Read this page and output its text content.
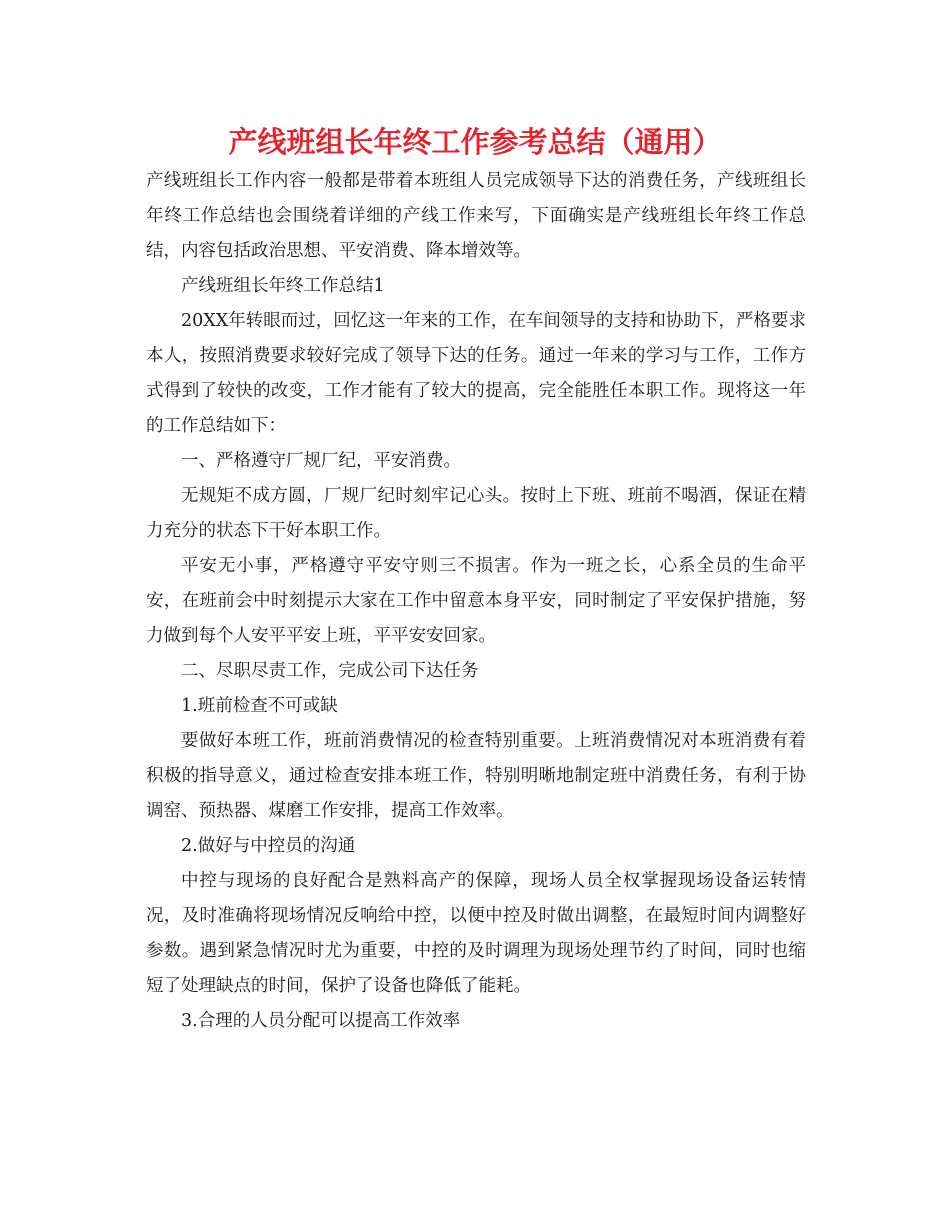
产线班组长年终工作参考总结（通用）

产线班组长工作内容一般都是带着本班组人员完成领导下达的消费任务，产线班组长年终工作总结也会围绕着详细的产线工作来写，下面确实是产线班组长年终工作总结，内容包括政治思想、平安消费、降本增效等。

产线班组长年终工作总结1

20XX年转眼而过，回忆这一年来的工作，在车间领导的支持和协助下，严格要求本人，按照消费要求较好完成了领导下达的任务。通过一年来的学习与工作，工作方式得到了较快的改变，工作才能有了较大的提高，完全能胜任本职工作。现将这一年的工作总结如下：

一、严格遵守厂规厂纪，平安消费。

无规矩不成方圆，厂规厂纪时刻牢记心头。按时上下班、班前不喝酒，保证在精力充分的状态下干好本职工作。

平安无小事，严格遵守平安守则三不损害。作为一班之长，心系全员的生命平安，在班前会中时刻提示大家在工作中留意本身平安，同时制定了平安保护措施，努力做到每个人安平平安上班，平平安安回家。

二、尽职尽责工作，完成公司下达任务

1.班前检查不可或缺

要做好本班工作，班前消费情况的检查特别重要。上班消费情况对本班消费有着积极的指导意义，通过检查安排本班工作，特别明晰地制定班中消费任务，有利于协调窑、预热器、煤磨工作安排，提高工作效率。

2.做好与中控员的沟通

中控与现场的良好配合是熟料高产的保障，现场人员全权掌握现场设备运转情况，及时准确将现场情况反响给中控，以便中控及时做出调整，在最短时间内调整好参数。遇到紧急情况时尤为重要，中控的及时调理为现场处理节约了时间，同时也缩短了处理缺点的时间，保护了设备也降低了能耗。

3.合理的人员分配可以提高工作效率
